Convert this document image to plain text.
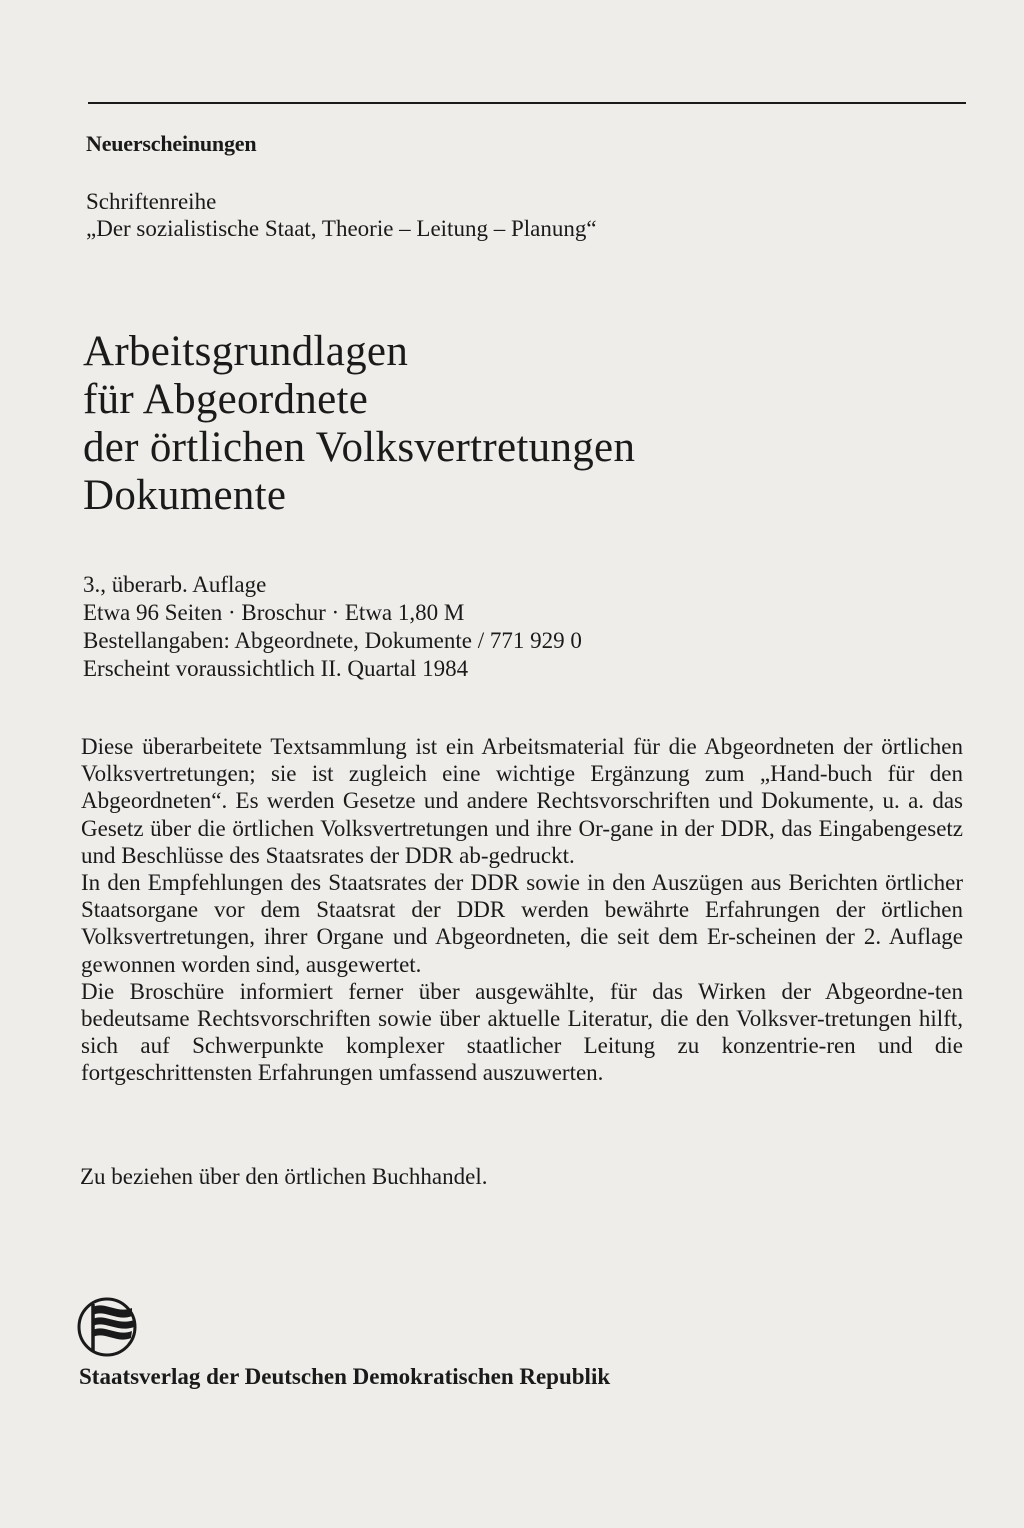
Neuerscheinungen
Schriftenreihe
„Der sozialistische Staat, Theorie – Leitung – Planung“
Arbeitsgrundlagen
für Abgeordnete
der örtlichen Volksvertretungen
Dokumente
3., überarb. Auflage
Etwa 96 Seiten · Broschur · Etwa 1,80 M
Bestellangaben: Abgeordnete, Dokumente / 771 929 0
Erscheint voraussichtlich II. Quartal 1984

Diese überarbeitete Textsammlung ist ein Arbeitsmaterial für die Abgeordneten der örtlichen Volksvertretungen; sie ist zugleich eine wichtige Ergänzung zum „Hand-buch für den Abgeordneten“. Es werden Gesetze und andere Rechtsvorschriften und Dokumente, u. a. das Gesetz über die örtlichen Volksvertretungen und ihre Or-gane in der DDR, das Eingabengesetz und Beschlüsse des Staatsrates der DDR ab-gedruckt.

In den Empfehlungen des Staatsrates der DDR sowie in den Auszügen aus Berichten örtlicher Staatsorgane vor dem Staatsrat der DDR werden bewährte Erfahrungen der örtlichen Volksvertretungen, ihrer Organe und Abgeordneten, die seit dem Er-scheinen der 2. Auflage gewonnen worden sind, ausgewertet.

Die Broschüre informiert ferner über ausgewählte, für das Wirken der Abgeordne-ten bedeutsame Rechtsvorschriften sowie über aktuelle Literatur, die den Volksver-tretungen hilft, sich auf Schwerpunkte komplexer staatlicher Leitung zu konzentrie-ren und die fortgeschrittensten Erfahrungen umfassend auszuwerten.

Zu beziehen über den örtlichen Buchhandel.
Staatsverlag der Deutschen Demokratischen Republik
